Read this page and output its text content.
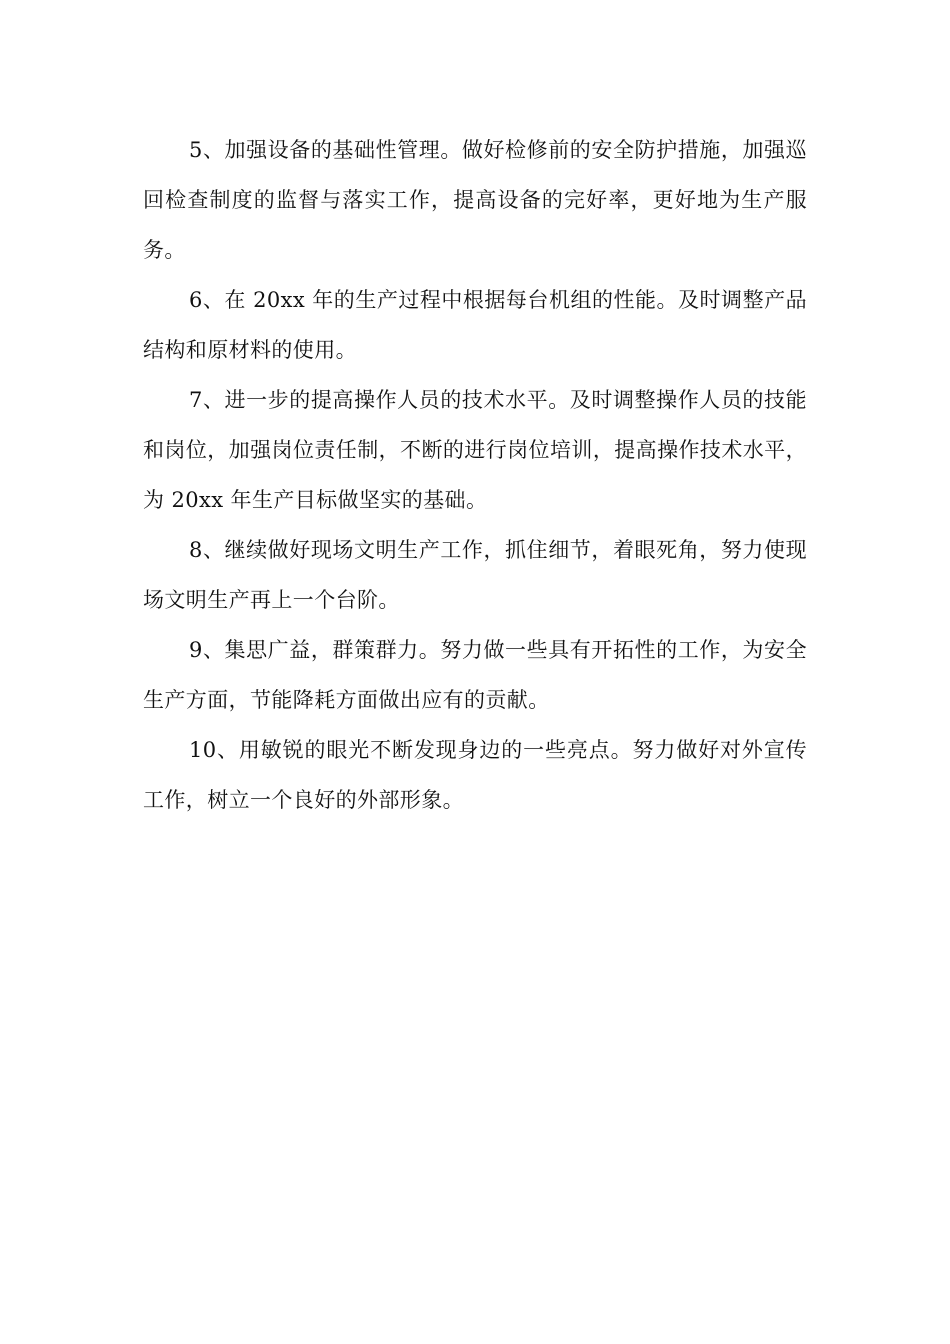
5、加强设备的基础性管理。做好检修前的安全防护措施，加强巡回检查制度的监督与落实工作，提高设备的完好率，更好地为生产服务。

6、在 20xx 年的生产过程中根据每台机组的性能。及时调整产品结构和原材料的使用。

7、进一步的提高操作人员的技术水平。及时调整操作人员的技能和岗位，加强岗位责任制，不断的进行岗位培训，提高操作技术水平，为 20xx 年生产目标做坚实的基础。

8、继续做好现场文明生产工作，抓住细节，着眼死角，努力使现场文明生产再上一个台阶。

9、集思广益，群策群力。努力做一些具有开拓性的工作，为安全生产方面，节能降耗方面做出应有的贡献。

10、用敏锐的眼光不断发现身边的一些亮点。努力做好对外宣传工作，树立一个良好的外部形象。
